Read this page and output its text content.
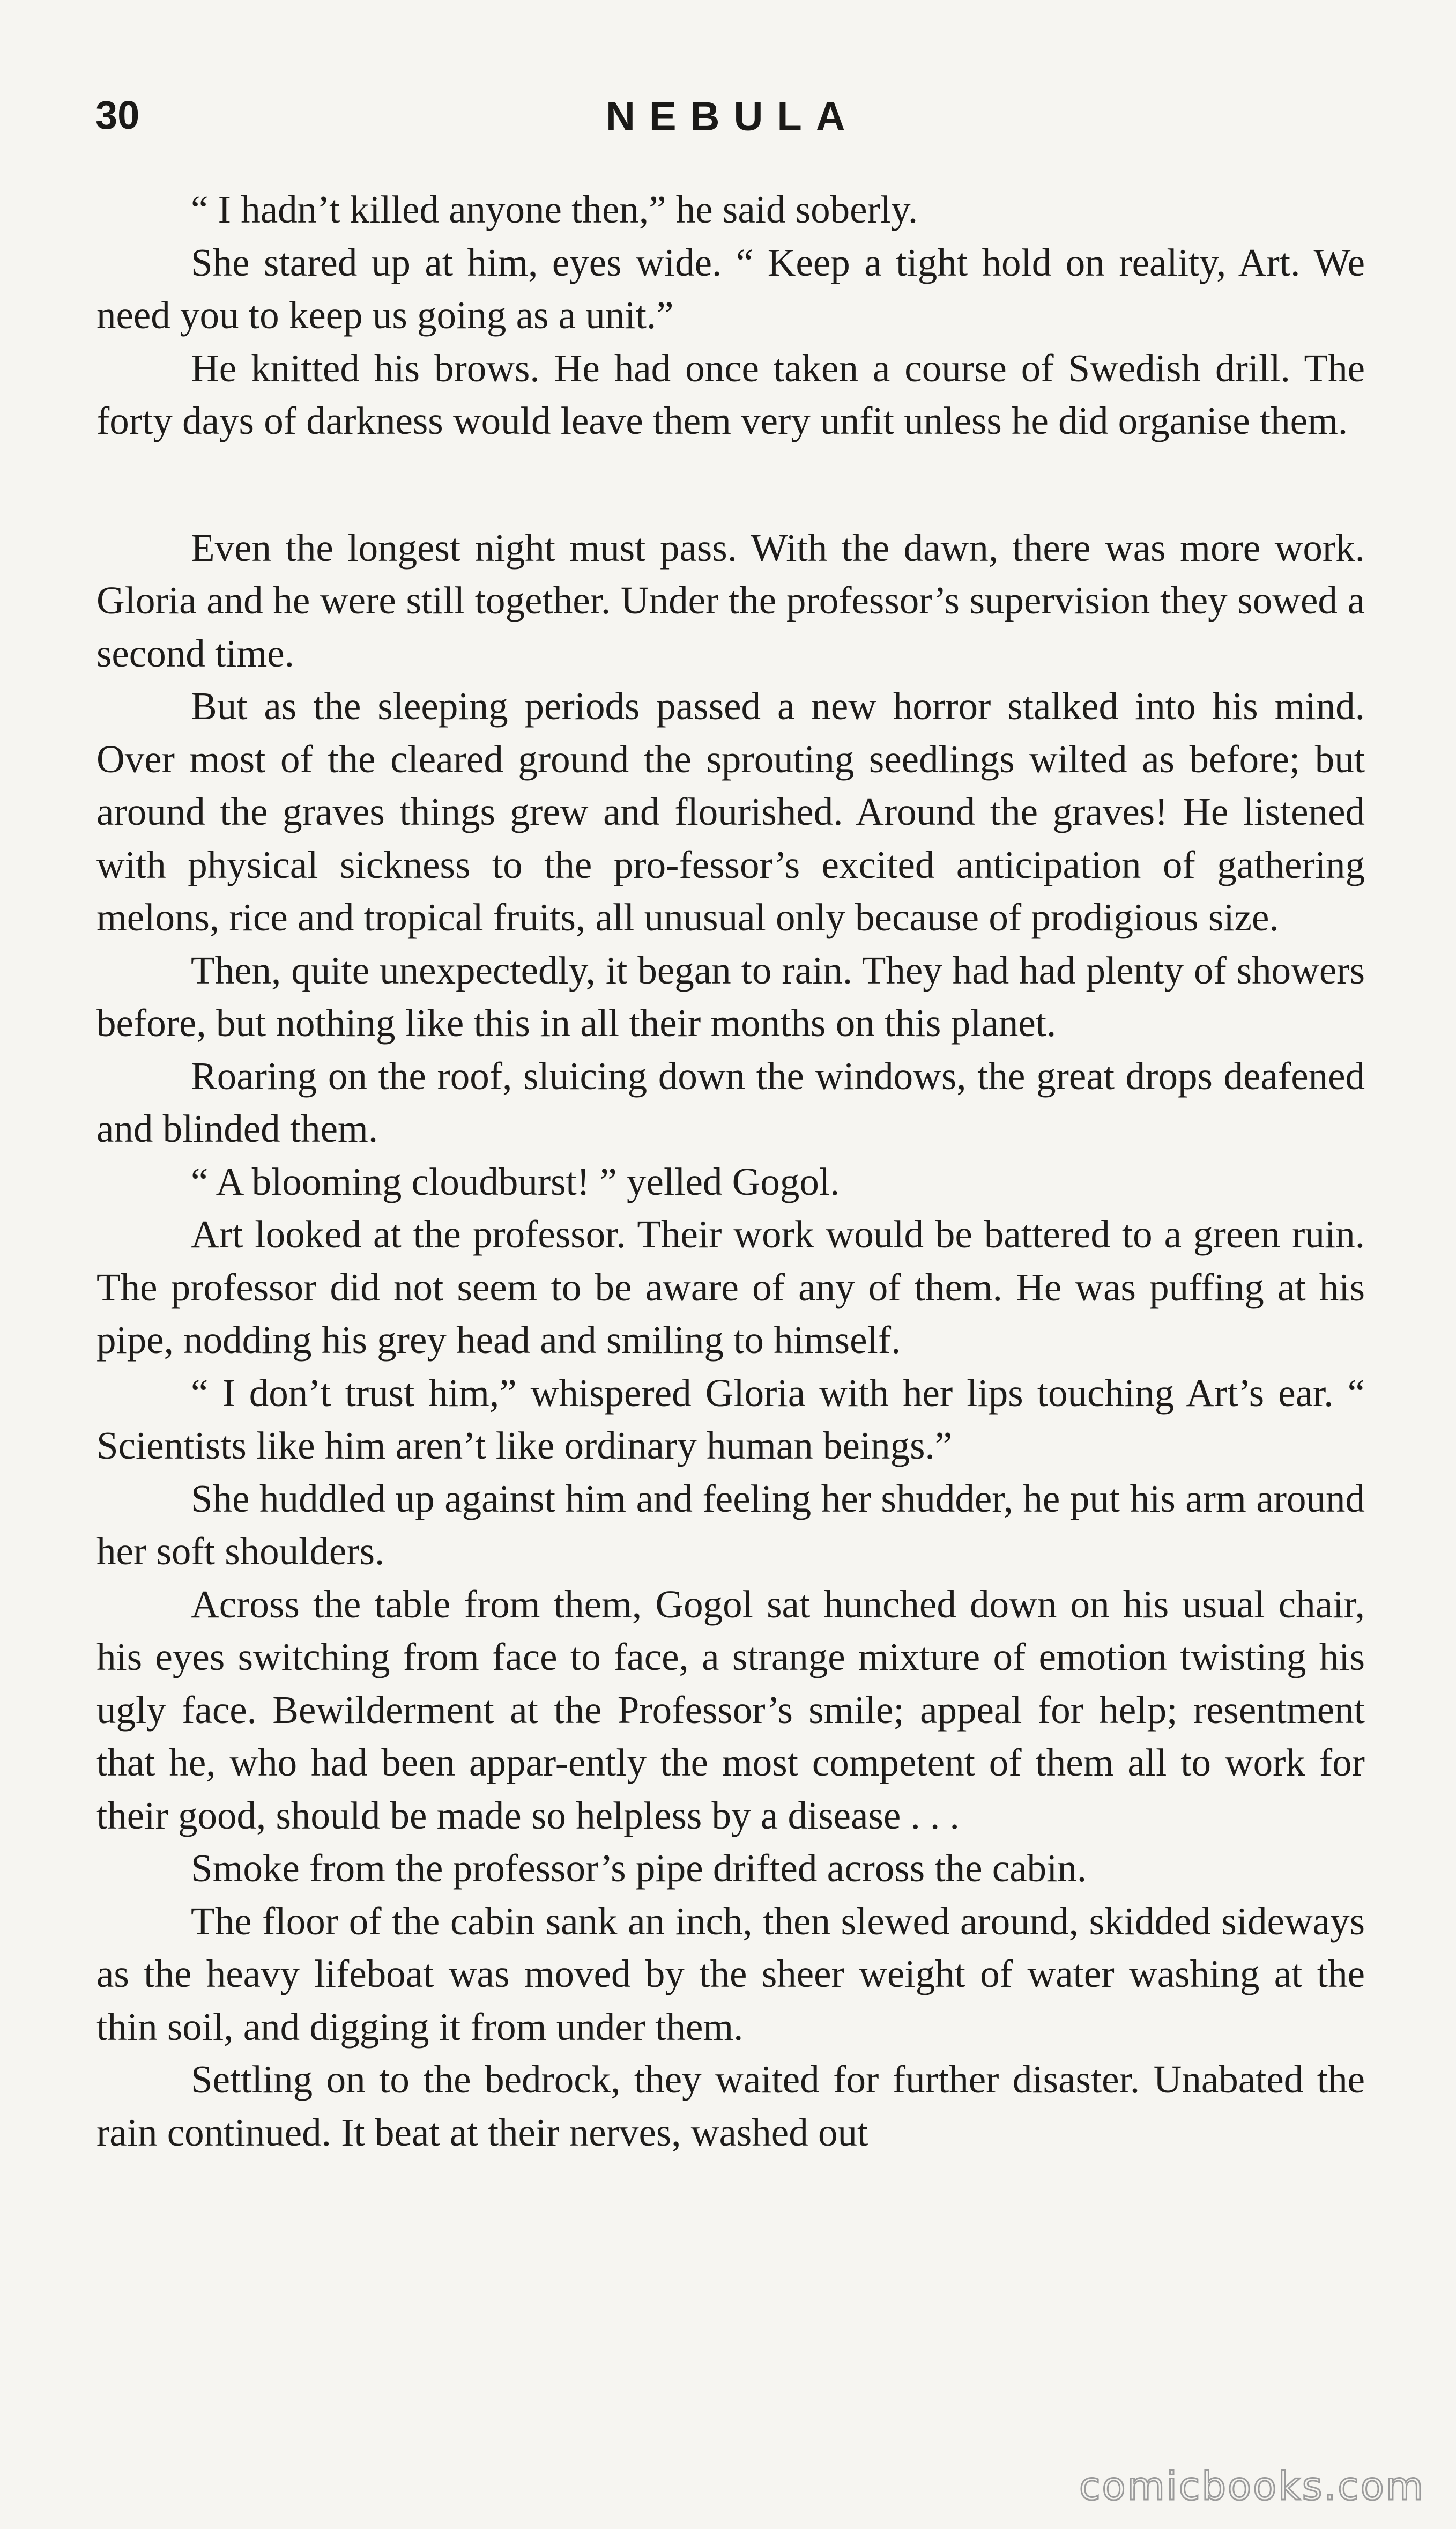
30	NEBULA

“ I hadn’t killed anyone then,” he said soberly.

She stared up at him, eyes wide. “ Keep a tight hold on reality, Art. We need you to keep us going as a unit.”

He knitted his brows. He had once taken a course of Swedish drill. The forty days of darkness would leave them very unfit unless he did organise them.

Even the longest night must pass. With the dawn, there was more work. Gloria and he were still together. Under the professor’s supervision they sowed a second time.

But as the sleeping periods passed a new horror stalked into his mind. Over most of the cleared ground the sprouting seedlings wilted as before; but around the graves things grew and flourished. Around the graves! He listened with physical sickness to the pro-fessor’s excited anticipation of gathering melons, rice and tropical fruits, all unusual only because of prodigious size.

Then, quite unexpectedly, it began to rain. They had had plenty of showers before, but nothing like this in all their months on this planet.

Roaring on the roof, sluicing down the windows, the great drops deafened and blinded them.

“ A blooming cloudburst! ” yelled Gogol.

Art looked at the professor. Their work would be battered to a green ruin. The professor did not seem to be aware of any of them. He was puffing at his pipe, nodding his grey head and smiling to himself.

“ I don’t trust him,” whispered Gloria with her lips touching Art’s ear. “ Scientists like him aren’t like ordinary human beings.”

She huddled up against him and feeling her shudder, he put his arm around her soft shoulders.

Across the table from them, Gogol sat hunched down on his usual chair, his eyes switching from face to face, a strange mixture of emotion twisting his ugly face. Bewilderment at the Professor’s smile; appeal for help; resentment that he, who had been appar-ently the most competent of them all to work for their good, should be made so helpless by a disease . . .

Smoke from the professor’s pipe drifted across the cabin.

The floor of the cabin sank an inch, then slewed around, skidded sideways as the heavy lifeboat was moved by the sheer weight of water washing at the thin soil, and digging it from under them.

Settling on to the bedrock, they waited for further disaster. Unabated the rain continued. It beat at their nerves, washed out

comicbooks.com
